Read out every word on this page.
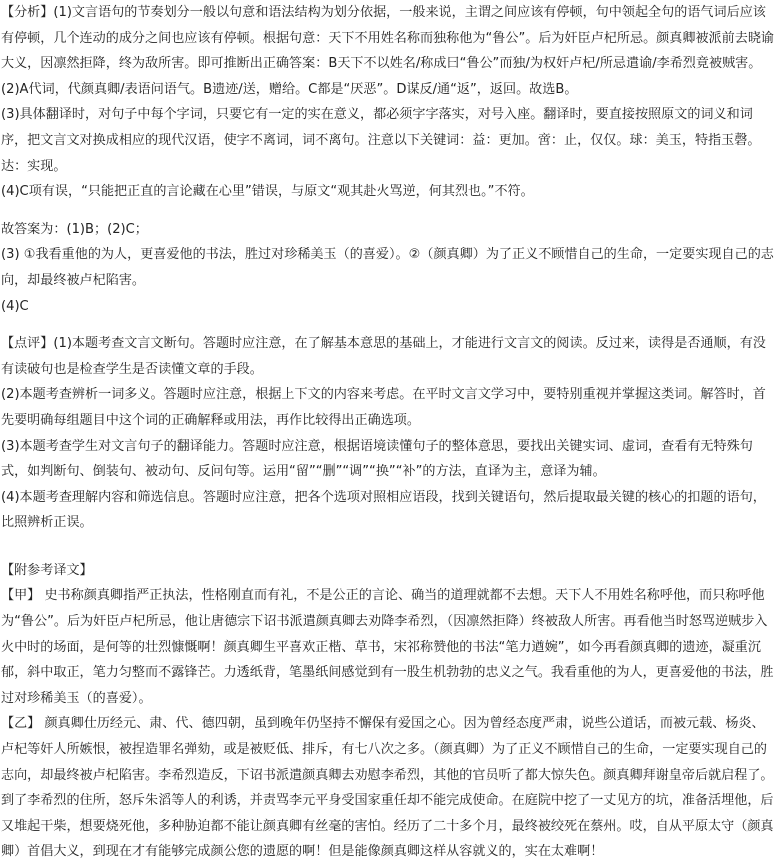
【分析】(1)文言语句的节奏划分一般以句意和语法结构为划分依据，一般来说，主谓之间应该有停顿，句中领起全句的语气词后应该有停顿，几个连动的成分之间也应该有停顿。根据句意：天下不用姓名称而独称他为“鲁公”。后为奸臣卢杞所忌。颜真卿被派前去晓谕大义，因凛然拒降，终为敌所害。即可推断出正确答案：B天下不以姓名/称成曰“鲁公”而独/为权奸卢杞/所忌遣谕/李希烈竟被贼害。

(2)A代词，代颜真卿/表语问语气。B遗迹/送，赠给。C都是“厌恶”。D谋反/通“返”，返回。故选B。

(3)具体翻译时，对句子中每个字词，只要它有一定的实在意义，都必须字字落实，对号入座。翻译时，要直接按照原文的词义和词序，把文言文对换成相应的现代汉语，使字不离词，词不离句。注意以下关键词：益：更加。啻：止，仅仅。球：美玉，特指玉磬。达：实现。

(4)C项有误，“只能把正直的言论藏在心里”错误，与原文“观其赴火骂逆，何其烈也。”不符。

故答案为：(1)B；(2)C；

(3) ①我看重他的为人，更喜爱他的书法，胜过对珍稀美玉（的喜爱）。②（颜真卿）为了正义不顾惜自己的生命，一定要实现自己的志向，却最终被卢杞陷害。

(4)C

【点评】(1)本题考查文言文断句。答题时应注意，在了解基本意思的基础上，才能进行文言文的阅读。反过来，读得是否通顺，有没有读破句也是检查学生是否读懂文章的手段。

(2)本题考查辨析一词多义。答题时应注意，根据上下文的内容来考虑。在平时文言文学习中，要特别重视并掌握这类词。解答时，首先要明确每组题目中这个词的正确解释或用法，再作比较得出正确选项。

(3)本题考查学生对文言句子的翻译能力。答题时应注意，根据语境读懂句子的整体意思，要找出关键实词、虚词，查看有无特殊句式，如判断句、倒装句、被动句、反问句等。运用“留”“删”“调”“换”“补”的方法，直译为主，意译为辅。

(4)本题考查理解内容和筛选信息。答题时应注意，把各个选项对照相应语段，找到关键语句，然后提取最关键的核心的扣题的语句，比照辨析正误。

【附参考译文】

【甲】 史书称颜真卿指严正执法，性格刚直而有礼，不是公正的言论、确当的道理就都不去想。天下人不用姓名称呼他，而只称呼他为“鲁公”。后为奸臣卢杞所忌，他让唐德宗下诏书派遣颜真卿去劝降李希烈，（因凛然拒降）终被敌人所害。再看他当时怒骂逆贼步入火中时的场面，是何等的壮烈慷慨啊！颜真卿生平喜欢正楷、草书，宋祁称赞他的书法“笔力遒婉”，如今再看颜真卿的遗迹，凝重沉郁，斜中取正，笔力匀整而不露锋芒。力透纸背，笔墨纸间感觉到有一股生机勃勃的忠义之气。我看重他的为人，更喜爱他的书法，胜过对珍稀美玉（的喜爱）。

【乙】 颜真卿仕历经元、肃、代、德四朝，虽到晚年仍坚持不懈保有爱国之心。因为曾经态度严肃，说些公道话，而被元载、杨炎、卢杞等奸人所嫉恨，被捏造罪名弹劾，或是被贬低、排斥，有七八次之多。（颜真卿）为了正义不顾惜自己的生命，一定要实现自己的志向，却最终被卢杞陷害。李希烈造反，下诏书派遣颜真卿去劝慰李希烈，其他的官员听了都大惊失色。颜真卿拜谢皇帝后就启程了。到了李希烈的住所，怒斥朱滔等人的利诱，并责骂李元平身受国家重任却不能完成使命。在庭院中挖了一丈见方的坑，准备活埋他，后又堆起干柴，想要烧死他，多种胁迫都不能让颜真卿有丝毫的害怕。经历了二十多个月，最终被绞死在蔡州。哎，自从平原太守（颜真卿）首倡大义，到现在才有能够完成颜公您的遗愿的啊！但是能像颜真卿这样从容就义的，实在太难啊！
